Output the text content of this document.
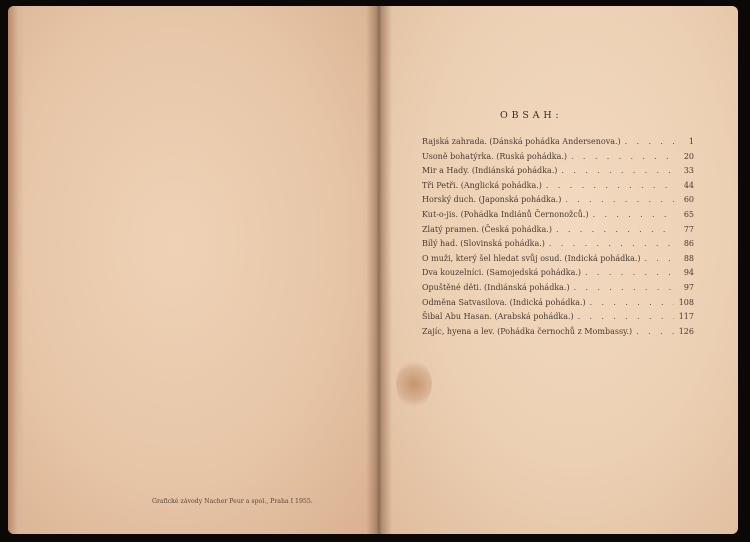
Grafické závody Nacher Peur a spol., Praha I 1955.
OBSAH:
Rajská zahrada. (Dánská pohádka Andersenova.) . . .	1
Usoně bohatýrka. (Ruská pohádka.) . . .	20
Mir a Hady. (Indiánská pohádka.) . . .	33
Tři Petři. (Anglická pohádka.) . . .	44
Horský duch. (Japonská pohádka.) . . .	60
Kut-o-jis. (Pohádka Indiánů Černonožců.) . . .	65
Zlatý pramen. (Česká pohádka.) . . .	77
Bílý had. (Slovinská pohádka.) . . .	86
O muži, který šel hledat svůj osud. (Indická pohádka.) . . .	88
Dva kouzelníci. (Samojedská pohádka.) . . .	94
Opuštěné děti. (Indiánská pohádka.) . . .	97
Odměna Satvasilova. (Indická pohádka.) . . .	108
Šibal Abu Hasan. (Arabská pohádka.) . . .	117
Zajíc, hyena a lev. (Pohádka černochů z Mombassy.) . . .	126
